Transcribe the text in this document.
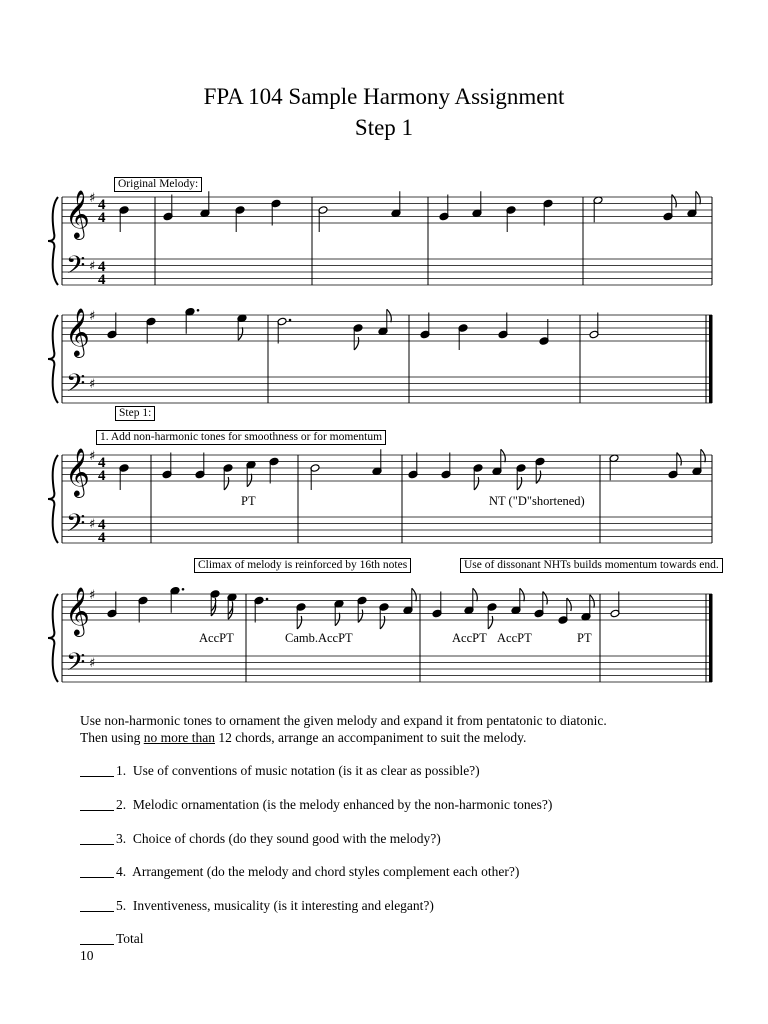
FPA 104 Sample Harmony Assignment
Step 1
𝄞
𝄢
♯
♯
4
4
4
4
𝄞
𝄢
♯
♯
𝄞
𝄢
♯
♯
4
4
4
4
𝄞
𝄢
♯
♯
Original Melody:
Step 1:
1. Add non-harmonic tones for smoothness or for momentum
Climax of melody is reinforced by 16th notes	Use of dissonant NHTs builds momentum towards end.
PT	NT ("D"shortened)
AccPT	Camb.AccPT	AccPT AccPT	PT
Use non-harmonic tones to ornament the given melody and expand it from pentatonic to diatonic.
Then using no more than 12 chords, arrange an accompaniment to suit the melody.
1. Use of conventions of music notation (is it as clear as possible?)
2. Melodic ornamentation (is the melody enhanced by the non-harmonic tones?)
3. Choice of chords (do they sound good with the melody?)
4. Arrangement (do the melody and chord styles complement each other?)
5. Inventiveness, musicality (is it interesting and elegant?)
Total
10
